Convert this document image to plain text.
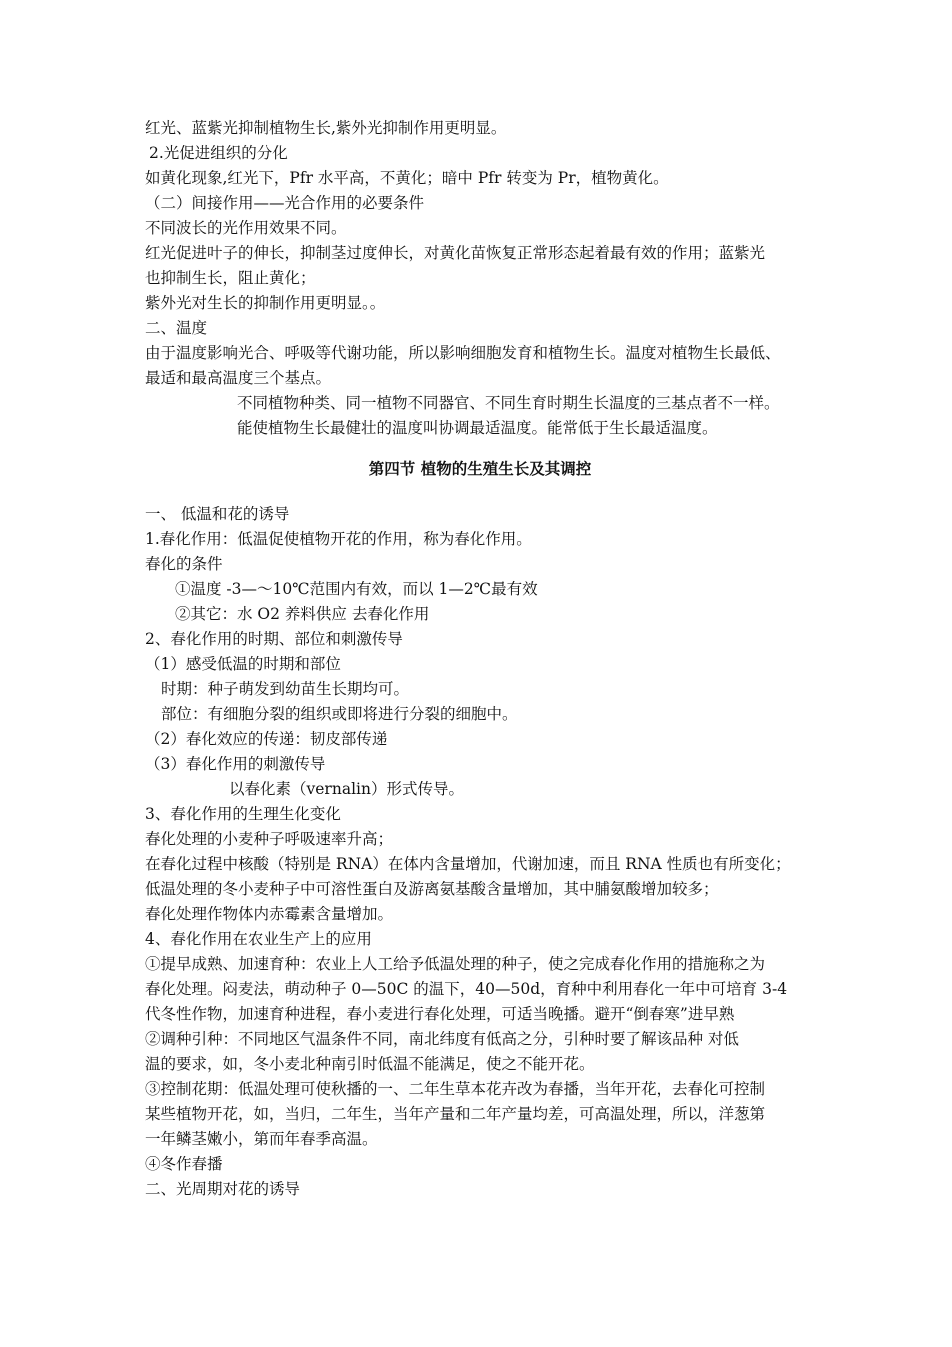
红光、蓝紫光抑制植物生长,紫外光抑制作用更明显。
2.光促进组织的分化
如黄化现象,红光下，Pfr 水平高，不黄化；暗中 Pfr 转变为 Pr，植物黄化。
（二）间接作用——光合作用的必要条件
不同波长的光作用效果不同。
红光促进叶子的伸长，抑制茎过度伸长，对黄化苗恢复正常形态起着最有效的作用；蓝紫光
也抑制生长，阻止黄化；
紫外光对生长的抑制作用更明显。。
二、温度
由于温度影响光合、呼吸等代谢功能，所以影响细胞发育和植物生长。温度对植物生长最低、
最适和最高温度三个基点。
不同植物种类、同一植物不同器官、不同生育时期生长温度的三基点者不一样。
能使植物生长最健壮的温度叫协调最适温度。能常低于生长最适温度。
第四节 植物的生殖生长及其调控
一、 低温和花的诱导
1.春化作用：低温促使植物开花的作用，称为春化作用。
春化的条件
①温度 -3—～10℃范围内有效，而以 1—2℃最有效
②其它：水 O2 养料供应 去春化作用
2、春化作用的时期、部位和刺激传导
（1）感受低温的时期和部位
时期：种子萌发到幼苗生长期均可。
部位：有细胞分裂的组织或即将进行分裂的细胞中。
（2）春化效应的传递：韧皮部传递
（3）春化作用的刺激传导
以春化素（vernalin）形式传导。
3、春化作用的生理生化变化
春化处理的小麦种子呼吸速率升高；
在春化过程中核酸（特别是 RNA）在体内含量增加，代谢加速，而且 RNA 性质也有所变化；
低温处理的冬小麦种子中可溶性蛋白及游离氨基酸含量增加，其中脯氨酸增加较多；
春化处理作物体内赤霉素含量增加。
4、春化作用在农业生产上的应用
①提早成熟、加速育种：农业上人工给予低温处理的种子，使之完成春化作用的措施称之为
春化处理。闷麦法，萌动种子 0—50C 的温下，40—50d，育种中利用春化一年中可培育 3-4
代冬性作物，加速育种进程，春小麦进行春化处理，可适当晚播。避开“倒春寒”进早熟
②调种引种：不同地区气温条件不同，南北纬度有低高之分，引种时要了解该品种 对低
温的要求，如，冬小麦北种南引时低温不能满足，使之不能开花。
③控制花期：低温处理可使秋播的一、二年生草本花卉改为春播，当年开花，去春化可控制
某些植物开花，如，当归，二年生，当年产量和二年产量均差，可高温处理，所以，洋葱第
一年鳞茎嫩小，第而年春季高温。
④冬作春播
二、光周期对花的诱导
